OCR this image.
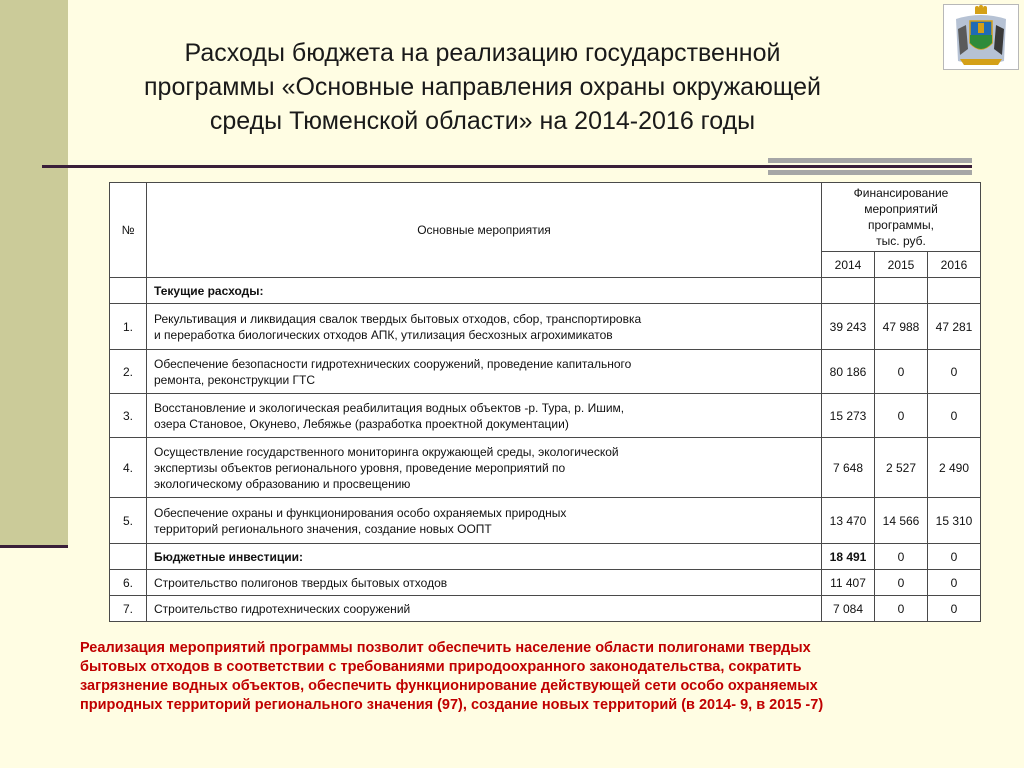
Расходы бюджета на реализацию государственной
программы «Основные направления охраны окружающей
среды Тюменской области» на 2014-2016 годы
№	Основные мероприятия	Финансирование мероприятий
программы,
тыс. руб.		

		2014	2015	2016
	Текущие расходы:			
1.	Рекультивация и ликвидация свалок твердых бытовых отходов, сбор, транспортировка
и переработка биологических отходов АПК, утилизация бесхозных агрохимикатов	39 243	47 988	47 281
2.	Обеспечение безопасности гидротехнических сооружений, проведение капитального
ремонта, реконструкции ГТС	80 186	0	0
3.	Восстановление и экологическая реабилитация водных объектов -р. Тура, р. Ишим,
озера Становое, Окунево, Лебяжье (разработка проектной документации)	15 273	0	0
4.	Осуществление государственного мониторинга окружающей среды, экологической
экспертизы объектов регионального уровня, проведение мероприятий по
экологическому образованию и просвещению	7 648	2 527	2 490
5.	Обеспечение охраны и функционирования особо охраняемых природных
территорий регионального значения, создание новых ООПТ	13 470	14 566	15 310
	Бюджетные инвестиции:	18 491	0	0
6.	Строительство полигонов твердых бытовых отходов	11 407	0	0
7.	Строительство гидротехнических сооружений	7 084	0	0
Реализация мероприятий программы позволит обеспечить население области полигонами твердых
бытовых отходов в соответствии с требованиями природоохранного законодательства, сократить
загрязнение водных объектов, обеспечить функционирование действующей сети особо охраняемых
природных территорий регионального значения (97), создание новых территорий (в 2014- 9, в 2015 -7)
